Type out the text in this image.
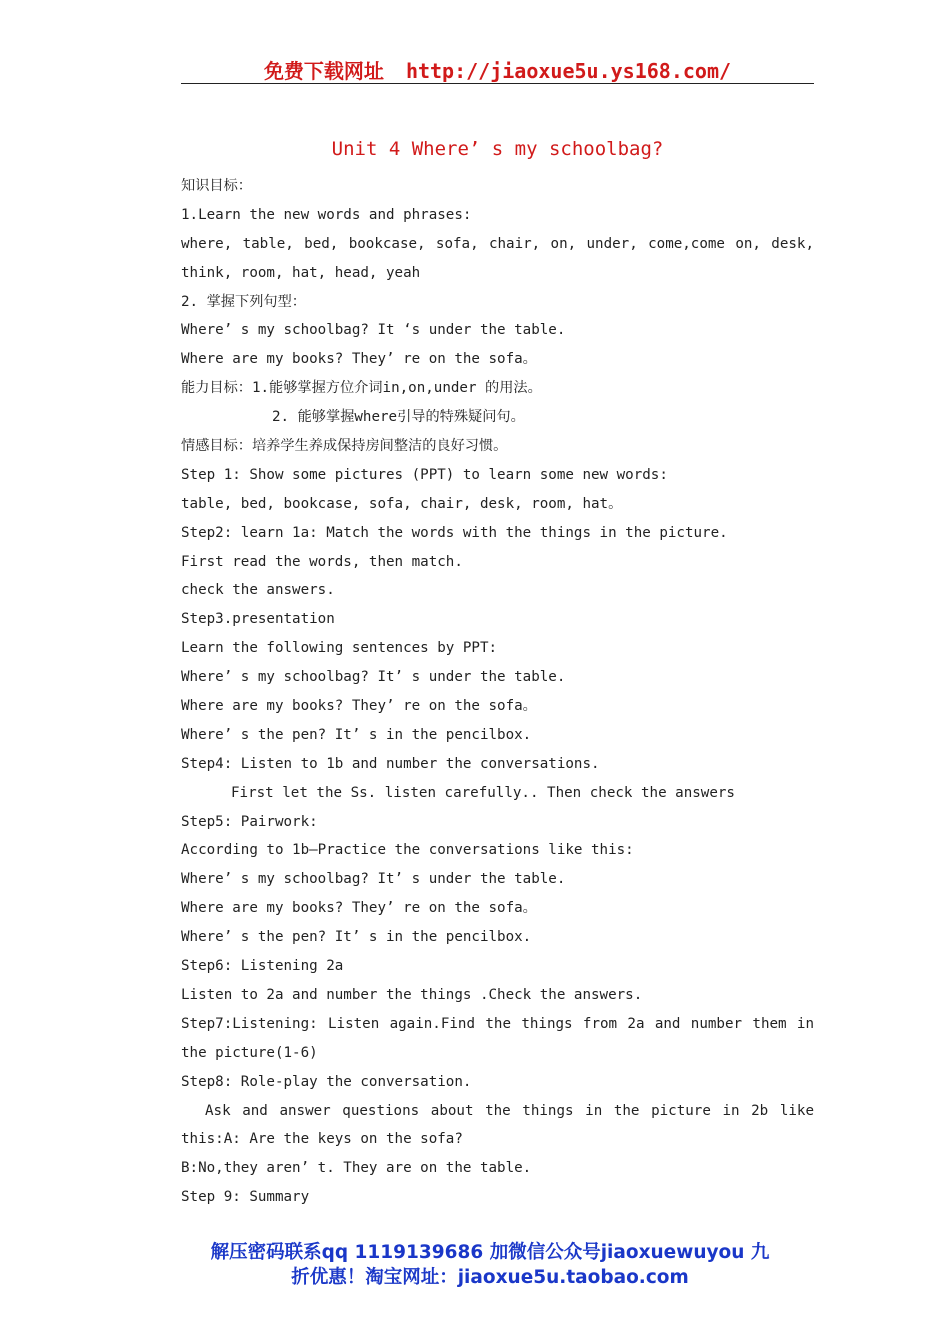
免费下载网址 http://jiaoxue5u.ys168.com/
Unit 4 Where’ s my schoolbag?
知识目标：
1.Learn the new words and phrases:
where, table, bed, bookcase, sofa, chair, on, under, come,come on, desk,
think, room, hat, head, yeah
2. 掌握下列句型：
Where’ s my schoolbag? It ‘s under the table.
Where are my books? They’ re on the sofa。
能力目标：1.能够掌握方位介词in,on,under 的用法。
2. 能够掌握where引导的特殊疑问句。
情感目标：培养学生养成保持房间整洁的良好习惯。
Step 1: Show some pictures (PPT) to learn some new words:
table, bed, bookcase, sofa, chair, desk, room, hat。
Step2: learn 1a: Match the words with the things in the picture.
First read the words, then match.
check the answers.
Step3.presentation
Learn the following sentences by PPT:
Where’ s my schoolbag? It’ s under the table.
Where are my books? They’ re on the sofa。
Where’ s the pen? It’ s in the pencilbox.
Step4: Listen to 1b and number the conversations.
First let the Ss. listen carefully.. Then check the answers
Step5: Pairwork:
According to 1b—Practice the conversations like this:
Where’ s my schoolbag? It’ s under the table.
Where are my books? They’ re on the sofa。
Where’ s the pen? It’ s in the pencilbox.
Step6: Listening 2a
Listen to 2a and number the things .Check the answers.
Step7:Listening: Listen again.Find the things from 2a and number them in
the picture(1-6)
Step8: Role-play the conversation.
Ask and answer questions about the things in the picture in 2b like
this:A: Are the keys on the sofa?
B:No,they aren’ t. They are on the table.
Step 9: Summary
解压密码联系qq 1119139686 加微信公众号jiaoxuewuyou 九
折优惠！淘宝网址：jiaoxue5u.taobao.com
